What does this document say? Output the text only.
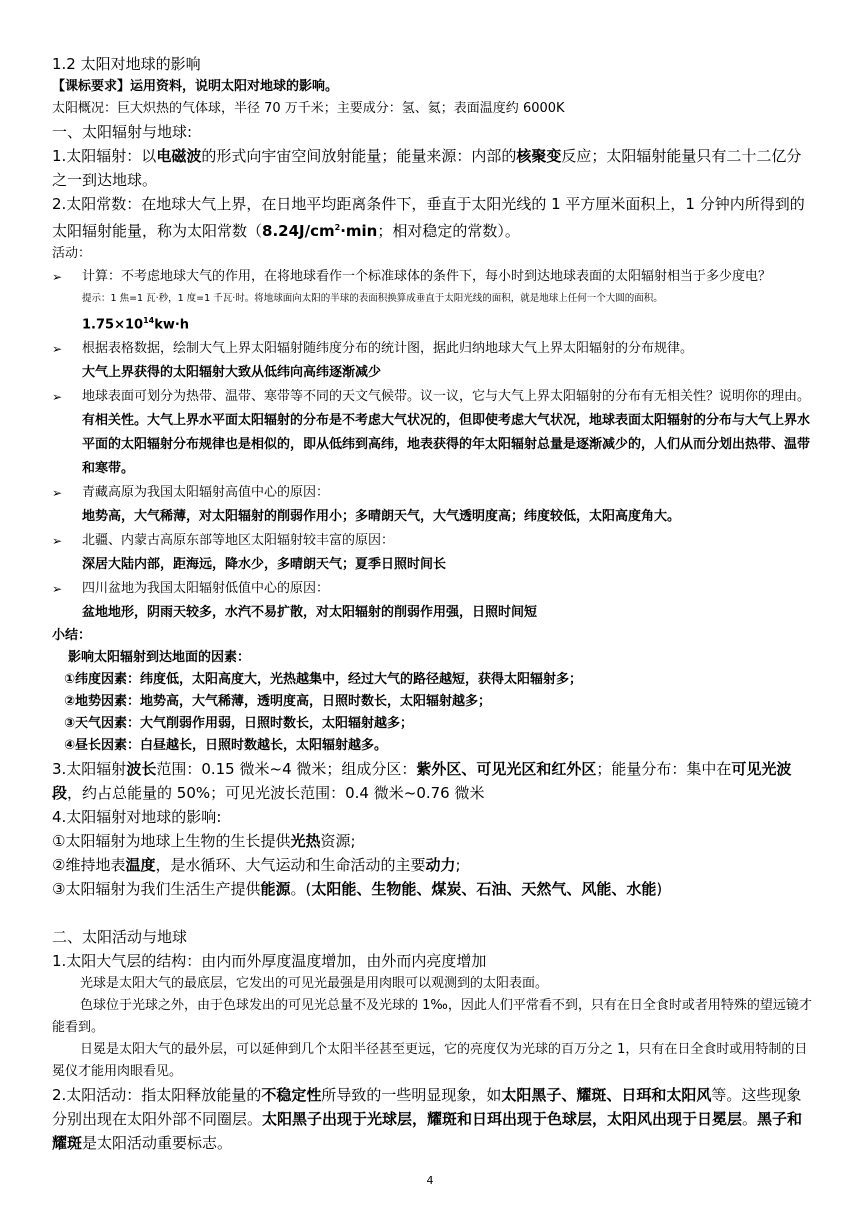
1.2 太阳对地球的影响
【课标要求】运用资料，说明太阳对地球的影响。
太阳概况：巨大炽热的气体球，半径 70 万千米；主要成分：氢、氦；表面温度约 6000K
一、太阳辐射与地球:
1.太阳辐射：以电磁波的形式向宇宙空间放射能量；能量来源：内部的核聚变反应；太阳辐射能量只有二十二亿分之一到达地球。
2.太阳常数：在地球大气上界，在日地平均距离条件下，垂直于太阳光线的 1 平方厘米面积上，1 分钟内所得到的太阳辐射能量，称为太阳常数（$8.24J/cm^2\cdot\min$；相对稳定的常数）。
活动：
➢	计算：不考虑地球大气的作用，在将地球看作一个标准球体的条件下，每小时到达地球表面的太阳辐射相当于多少度电？
提示：1 焦=1 瓦·秒，1 度=1 千瓦·时。将地球面向太阳的半球的表面积换算成垂直于太阳光线的面积，就是地球上任何一个大圆的面积。
$1.75\times 10^{14}kw\cdot h$
➢	根据表格数据，绘制大气上界太阳辐射随纬度分布的统计图，据此归纳地球大气上界太阳辐射的分布规律。
大气上界获得的太阳辐射大致从低纬向高纬逐渐减少
➢	地球表面可划分为热带、温带、寒带等不同的天文气候带。议一议，它与大气上界太阳辐射的分布有无相关性？说明你的理由。
有相关性。大气上界水平面太阳辐射的分布是不考虑大气状况的，但即使考虑大气状况，地球表面太阳辐射的分布与大气上界水平面的太阳辐射分布规律也是相似的，即从低纬到高纬，地表获得的年太阳辐射总量是逐渐减少的，人们从而分划出热带、温带和寒带。
➢	青藏高原为我国太阳辐射高值中心的原因：
地势高，大气稀薄，对太阳辐射的削弱作用小；多晴朗天气，大气透明度高；纬度较低，太阳高度角大。
➢	北疆、内蒙古高原东部等地区太阳辐射较丰富的原因：
深居大陆内部，距海远，降水少，多晴朗天气；夏季日照时间长
➢	四川盆地为我国太阳辐射低值中心的原因：
盆地地形，阴雨天较多，水汽不易扩散，对太阳辐射的削弱作用强，日照时间短
小结：
影响太阳辐射到达地面的因素：
①纬度因素：纬度低，太阳高度大，光热越集中，经过大气的路径越短，获得太阳辐射多；
②地势因素：地势高，大气稀薄，透明度高，日照时数长，太阳辐射越多；
③天气因素：大气削弱作用弱，日照时数长，太阳辐射越多；
④昼长因素：白昼越长，日照时数越长，太阳辐射越多。
3.太阳辐射波长范围：0.15 微米~4 微米；组成分区：紫外区、可见光区和红外区；能量分布：集中在可见光波段，约占总能量的 50%；可见光波长范围：0.4 微米~0.76 微米
4.太阳辐射对地球的影响:
①太阳辐射为地球上生物的生长提供光热资源;
②维持地表温度，是水循环、大气运动和生命活动的主要动力;
③太阳辐射为我们生活生产提供能源。(太阳能、生物能、煤炭、石油、天然气、风能、水能)
二、太阳活动与地球
1.太阳大气层的结构：由内而外厚度温度增加，由外而内亮度增加
光球是太阳大气的最底层，它发出的可见光最强是用肉眼可以观测到的太阳表面。
色球位于光球之外，由于色球发出的可见光总量不及光球的 1‰，因此人们平常看不到，只有在日全食时或者用特殊的望远镜才能看到。
日冕是太阳大气的最外层，可以延伸到几个太阳半径甚至更远，它的亮度仅为光球的百万分之 1，只有在日全食时或用特制的日冕仪才能用肉眼看见。
2.太阳活动：指太阳释放能量的不稳定性所导致的一些明显现象，如太阳黑子、耀斑、日珥和太阳风等。这些现象分别出现在太阳外部不同圈层。太阳黑子出现于光球层，耀斑和日珥出现于色球层，太阳风出现于日冕层。黑子和耀斑是太阳活动重要标志。
4
